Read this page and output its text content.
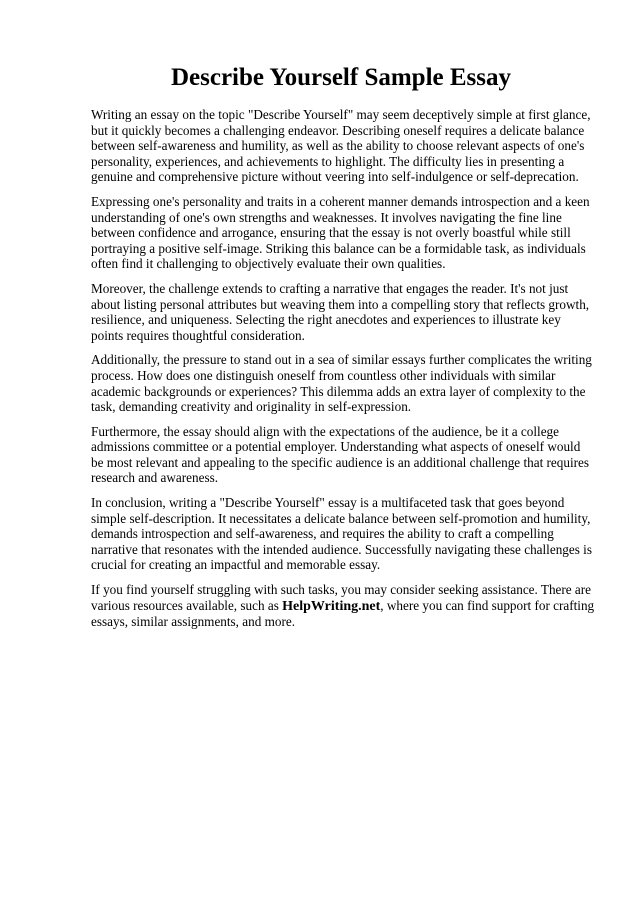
Describe Yourself Sample Essay

Writing an essay on the topic "Describe Yourself" may seem deceptively simple at first glance, but it quickly becomes a challenging endeavor. Describing oneself requires a delicate balance between self-awareness and humility, as well as the ability to choose relevant aspects of one's personality, experiences, and achievements to highlight. The difficulty lies in presenting a genuine and comprehensive picture without veering into self-indulgence or self-deprecation.

Expressing one's personality and traits in a coherent manner demands introspection and a keen understanding of one's own strengths and weaknesses. It involves navigating the fine line between confidence and arrogance, ensuring that the essay is not overly boastful while still portraying a positive self-image. Striking this balance can be a formidable task, as individuals often find it challenging to objectively evaluate their own qualities.

Moreover, the challenge extends to crafting a narrative that engages the reader. It's not just about listing personal attributes but weaving them into a compelling story that reflects growth, resilience, and uniqueness. Selecting the right anecdotes and experiences to illustrate key points requires thoughtful consideration.

Additionally, the pressure to stand out in a sea of similar essays further complicates the writing process. How does one distinguish oneself from countless other individuals with similar academic backgrounds or experiences? This dilemma adds an extra layer of complexity to the task, demanding creativity and originality in self-expression.

Furthermore, the essay should align with the expectations of the audience, be it a college admissions committee or a potential employer. Understanding what aspects of oneself would be most relevant and appealing to the specific audience is an additional challenge that requires research and awareness.

In conclusion, writing a "Describe Yourself" essay is a multifaceted task that goes beyond simple self-description. It necessitates a delicate balance between self-promotion and humility, demands introspection and self-awareness, and requires the ability to craft a compelling narrative that resonates with the intended audience. Successfully navigating these challenges is crucial for creating an impactful and memorable essay.

If you find yourself struggling with such tasks, you may consider seeking assistance. There are various resources available, such as HelpWriting.net, where you can find support for crafting essays, similar assignments, and more.
